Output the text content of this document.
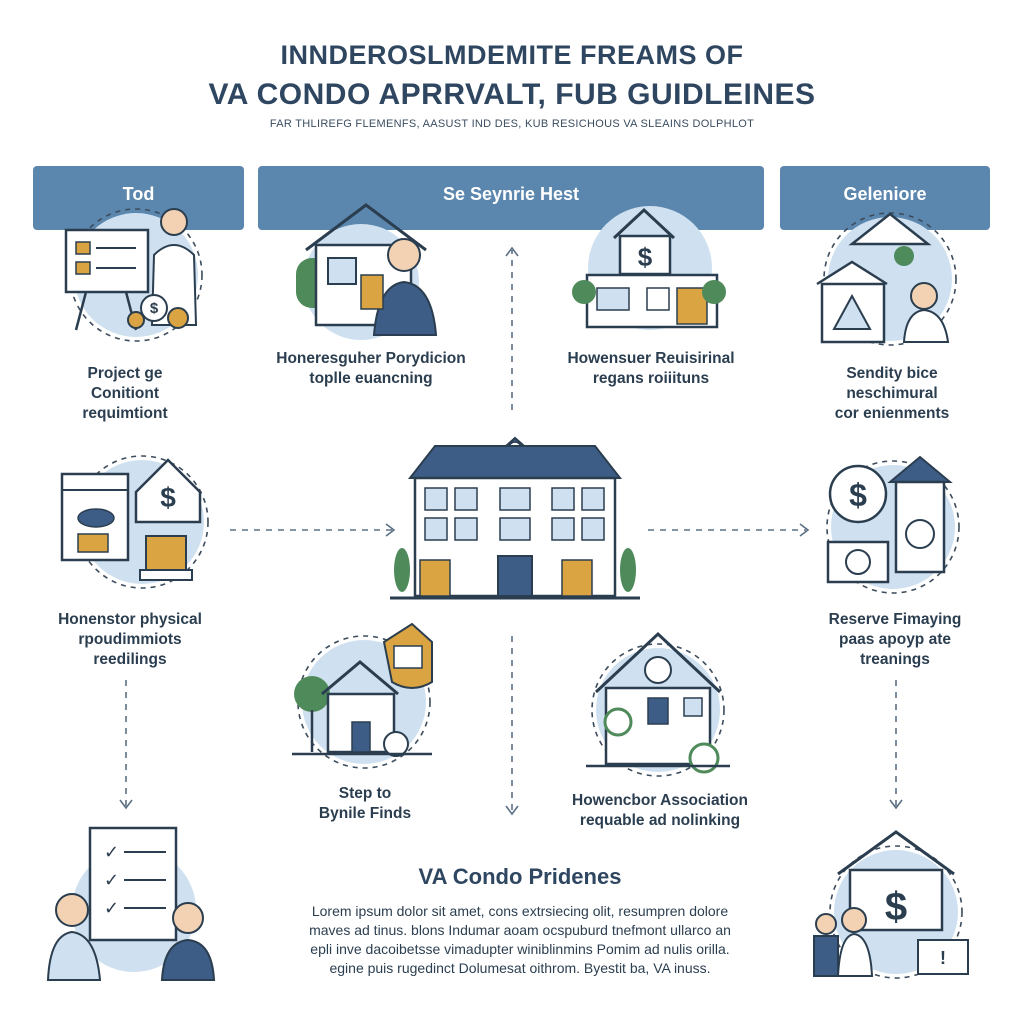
INNDEROSLMDEMITE FREAMS OF
VA CONDO APRRVALT, FUB GUIDLEINES
FAR THLIREFG FLEMENFS, AASUST IND DES, KUB RESICHOUS VA SLEAINS DOLPHLOT
Tod	Se Seynrie Hest	Geleniore
$
$
$	$
✓
✓
✓	$
!
Project ge
Conitiont
requimtiont
Honeresguher Porydicion
toplle euancning
Howensuer Reuisirinal
regans roiiituns	Sendity bice
neschimural
cor enienments
Honenstor physical
rpoudimmiots
reedilings
Reserve Fimaying
paas apoyp ate
treanings
Step to
Bynile Finds
Howencbor Association
requable ad nolinking
VA Condo Pridenes
Lorem ipsum dolor sit amet, cons extrsiecing olit, resumpren dolore
maves ad tinus. blons Indumar aoam ocspuburd tnefmont ullarco an
epli inve dacoibetsse vimadupter winiblinmins Pomim ad nulis orilla.
egine puis rugedinct Dolumesat oithrom. Byestit ba, VA inuss.
